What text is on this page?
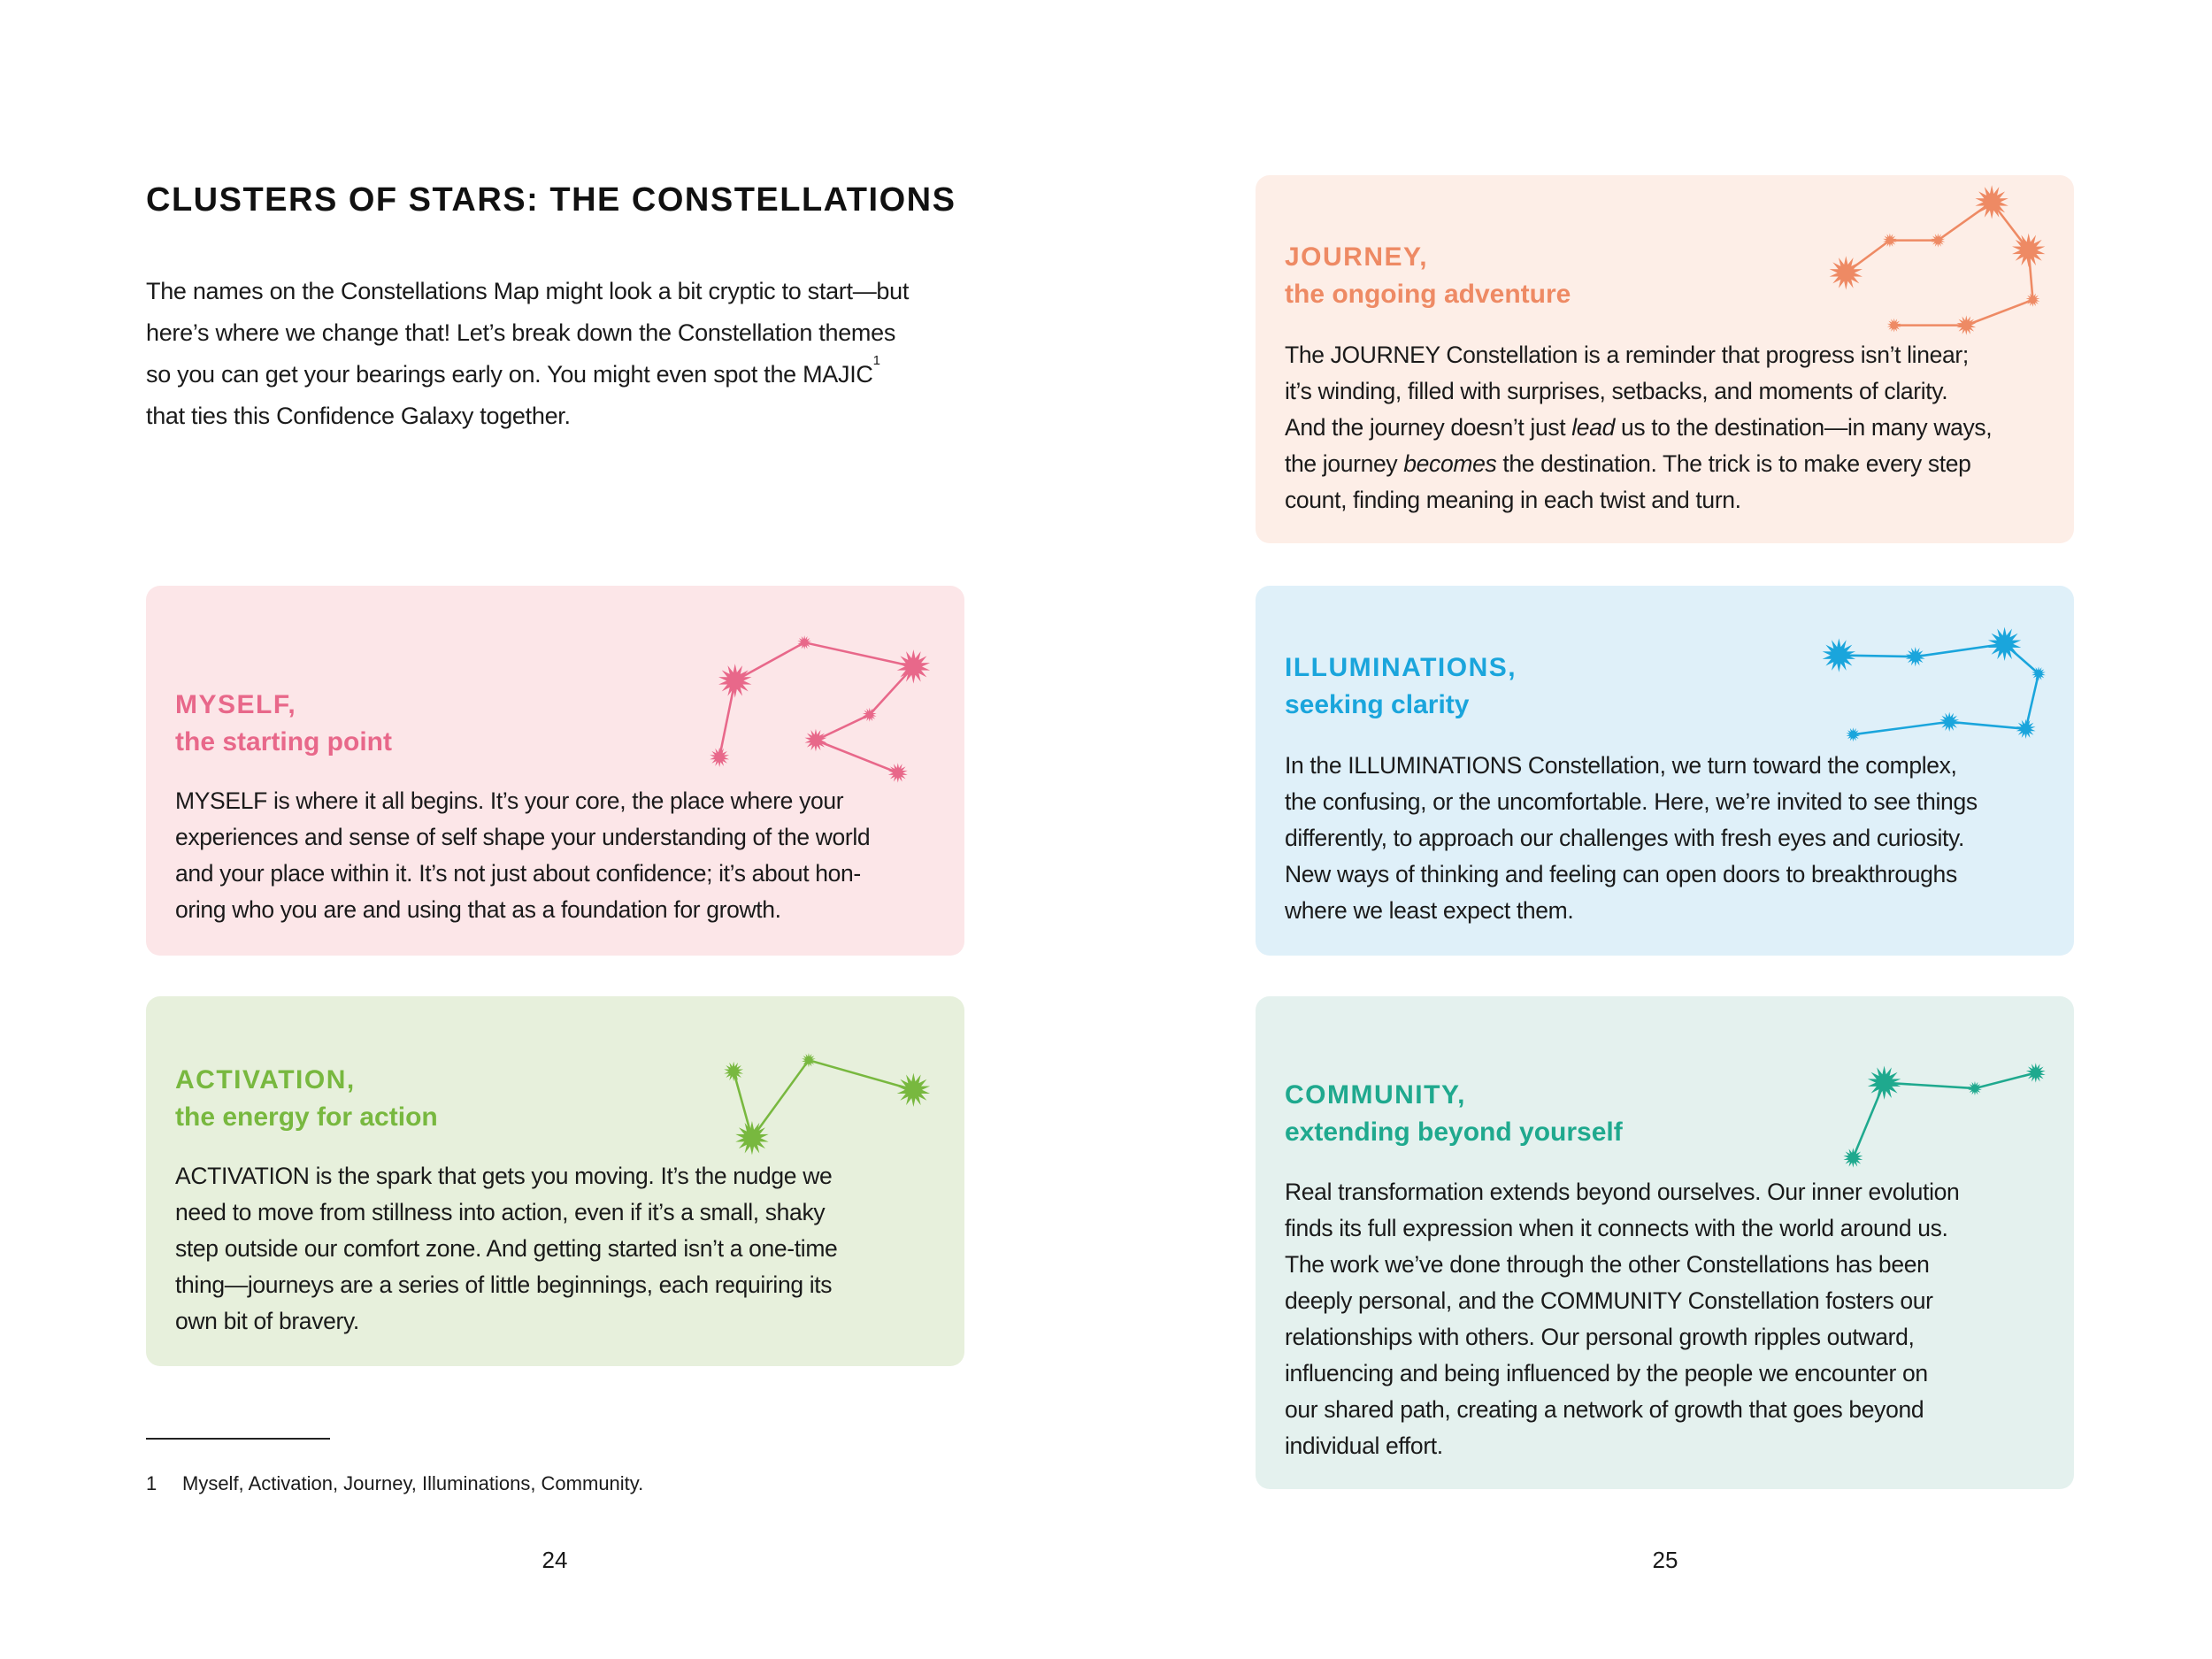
CLUSTERS OF STARS: THE CONSTELLATIONS
The names on the Constellations Map might look a bit cryptic to start—but
here’s where we change that! Let’s break down the Constellation themes
so you can get your bearings early on. You might even spot the MAJIC$^1$
that ties this Confidence Galaxy together.
MYSELF,
the starting point
MYSELF is where it all begins. It’s your core, the place where your
experiences and sense of self shape your understanding of the world
and your place within it. It’s not just about confidence; it’s about hon-
oring who you are and using that as a foundation for growth.
ACTIVATION,
the energy for action
ACTIVATION is the spark that gets you moving. It’s the nudge we
need to move from stillness into action, even if it’s a small, shaky
step outside our comfort zone. And getting started isn’t a one-time
thing—journeys are a series of little beginnings, each requiring its
own bit of bravery.
JOURNEY,
the ongoing adventure
The JOURNEY Constellation is a reminder that progress isn’t linear;
it’s winding, filled with surprises, setbacks, and moments of clarity.
And the journey doesn’t just lead us to the destination—in many ways,
the journey becomes the destination. The trick is to make every step
count, finding meaning in each twist and turn.
ILLUMINATIONS,
seeking clarity
In the ILLUMINATIONS Constellation, we turn toward the complex,
the confusing, or the uncomfortable. Here, we’re invited to see things
differently, to approach our challenges with fresh eyes and curiosity.
New ways of thinking and feeling can open doors to breakthroughs
where we least expect them.
COMMUNITY,
extending beyond yourself
Real transformation extends beyond ourselves. Our inner evolution
finds its full expression when it connects with the world around us.
The work we’ve done through the other Constellations has been
deeply personal, and the COMMUNITY Constellation fosters our
relationships with others. Our personal growth ripples outward,
influencing and being influenced by the people we encounter on
our shared path, creating a network of growth that goes beyond
individual effort.
1 Myself, Activation, Journey, Illuminations, Community.
24	25
